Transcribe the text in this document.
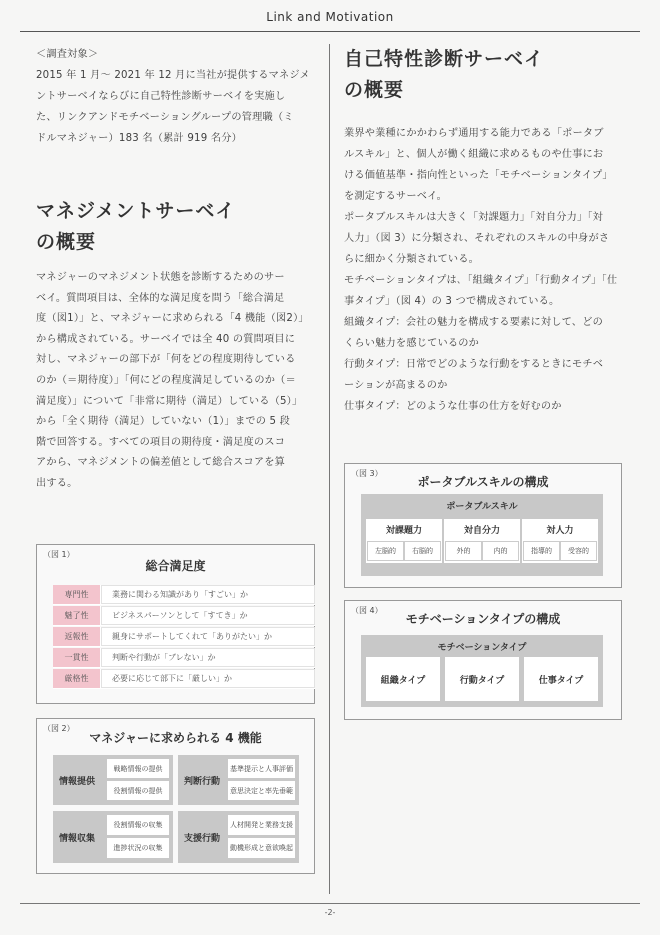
Link and Motivation
＜調査対象＞
2015 年 1 月〜 2021 年 12 月に当社が提供するマネジメ
ントサーベイならびに自己特性診断サーベイを実施し
た、リンクアンドモチベーショングループの管理職（ミ
ドルマネジャー）183 名（累計 919 名分）
マネジメントサーベイ
の概要
マネジャーのマネジメント状態を診断するためのサー
ベイ。質問項目は、全体的な満足度を問う「総合満足
度（図1）」と、マネジャーに求められる「4 機能（図2）」
から構成されている。サーベイでは全 40 の質問項目に
対し、マネジャーの部下が「何をどの程度期待している
のか（＝期待度）」「何にどの程度満足しているのか（＝
満足度）」について「非常に期待（満足）している（5）」
から「全く期待（満足）していない（1）」までの 5 段
階で回答する。すべての項目の期待度・満足度のスコ
アから、マネジメントの偏差値として総合スコアを算
出する。
（図 1）
総合満足度
専門性	業務に関わる知識があり「すごい」か
魅了性	ビジネスパーソンとして「すてき」か
返報性	親身にサポートしてくれて「ありがたい」か
一貫性	判断や行動が「ブレない」か
厳格性	必要に応じて部下に「厳しい」か
（図 2）
マネジャーに求められる 4 機能
情報提供
戦略情報の提供
役割情報の提供
判断行動
基準提示と人事評価
意思決定と率先垂範
情報収集
役割情報の収集
進捗状況の収集
支援行動
人材開発と業務支援
動機形成と意欲喚起
自己特性診断サーベイ
の概要
業界や業種にかかわらず通用する能力である「ポータブ
ルスキル」と、個人が働く組織に求めるものや仕事にお
ける価値基準・指向性といった「モチベーションタイプ」
を測定するサーベイ。
ポータブルスキルは大きく「対課題力」「対自分力」「対
人力」（図 3）に分類され、それぞれのスキルの中身がさ
らに細かく分類されている。
モチベーションタイプは､「組織タイプ」「行動タイプ」「仕
事タイプ」（図 4）の 3 つで構成されている。
組織タイプ：会社の魅力を構成する要素に対して、どの
くらい魅力を感じているのか
行動タイプ：日常でどのような行動をするときにモチベ
ーションが高まるのか
仕事タイプ：どのような仕事の仕方を好むのか
（図 3）
ポータブルスキルの構成
ポータブルスキル
対課題力
左脳的	右脳的
対自分力
外的	内的
対人力
指導的	受容的
（図 4）
モチベーションタイプの構成
モチベーションタイプ
組織タイプ	行動タイプ	仕事タイプ
-2-
